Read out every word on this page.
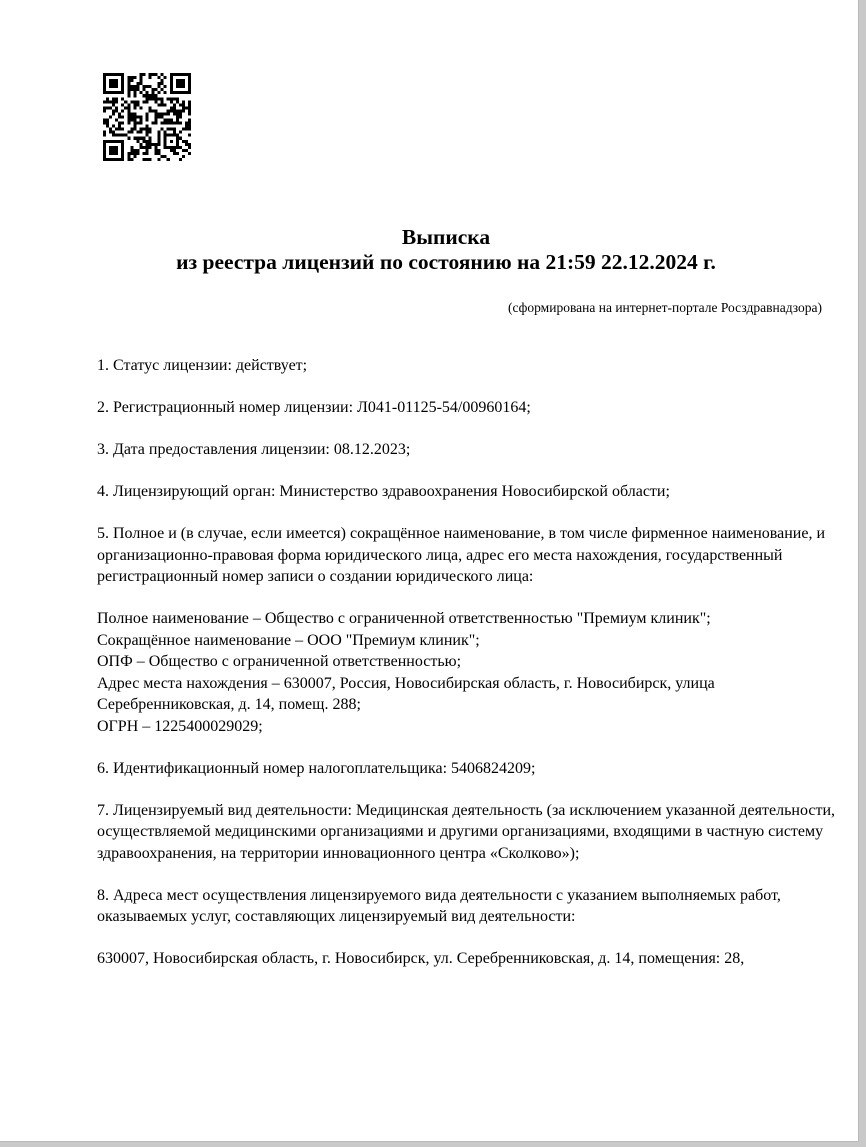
Выписка
из реестра лицензий по состоянию на 21:59 22.12.2024 г.
(сформирована на интернет-портале Росздравнадзора)
1. Статус лицензии: действует;
2. Регистрационный номер лицензии: Л041-01125-54/00960164;
3. Дата предоставления лицензии: 08.12.2023;
4. Лицензирующий орган: Министерство здравоохранения Новосибирской области;
5. Полное и (в случае, если имеется) сокращённое наименование, в том числе фирменное наименование, и организационно-правовая форма юридического лица, адрес его места нахождения, государственный регистрационный номер записи о создании юридического лица:
Полное наименование – Общество с ограниченной ответственностью "Премиум клиник";
Сокращённое наименование – ООО "Премиум клиник";
ОПФ – Общество с ограниченной ответственностью;
Адрес места нахождения – 630007, Россия, Новосибирская область, г. Новосибирск, улица Серебренниковская, д. 14, помещ. 288;
ОГРН – 1225400029029;
6. Идентификационный номер налогоплательщика: 5406824209;
7. Лицензируемый вид деятельности: Медицинская деятельность (за исключением указанной деятельности, осуществляемой медицинскими организациями и другими организациями, входящими в частную систему здравоохранения, на территории инновационного центра «Сколково»);
8. Адреса мест осуществления лицензируемого вида деятельности с указанием выполняемых работ, оказываемых услуг, составляющих лицензируемый вид деятельности:
630007, Новосибирская область, г. Новосибирск, ул. Серебренниковская, д. 14, помещения: 28,
